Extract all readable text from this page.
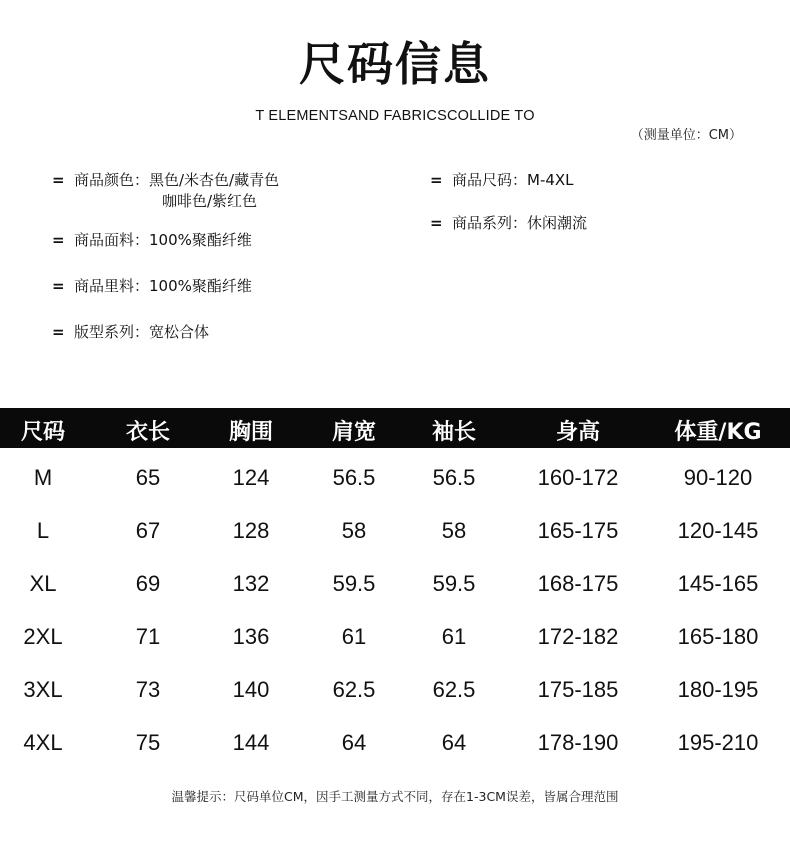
尺码信息
T ELEMENTSAND FABRICSCOLLIDE TO
（测量单位：CM）
= 商品颜色：黑色/米杏色/藏青色
咖啡色/紫红色
= 商品面料：100%聚酯纤维
= 商品里料：100%聚酯纤维
= 版型系列：宽松合体
= 商品尺码：M-4XL
= 商品系列：休闲潮流
尺码	衣长	胸围	肩宽	袖长	身高	体重/KG
M	65	124	56.5	56.5	160-172	90-120
L	67	128	58	58	165-175	120-145
XL	69	132	59.5	59.5	168-175	145-165
2XL	71	136	61	61	172-182	165-180
3XL	73	140	62.5	62.5	175-185	180-195
4XL	75	144	64	64	178-190	195-210
温馨提示：尺码单位CM，因手工测量方式不同，存在1-3CM误差，皆属合理范围
